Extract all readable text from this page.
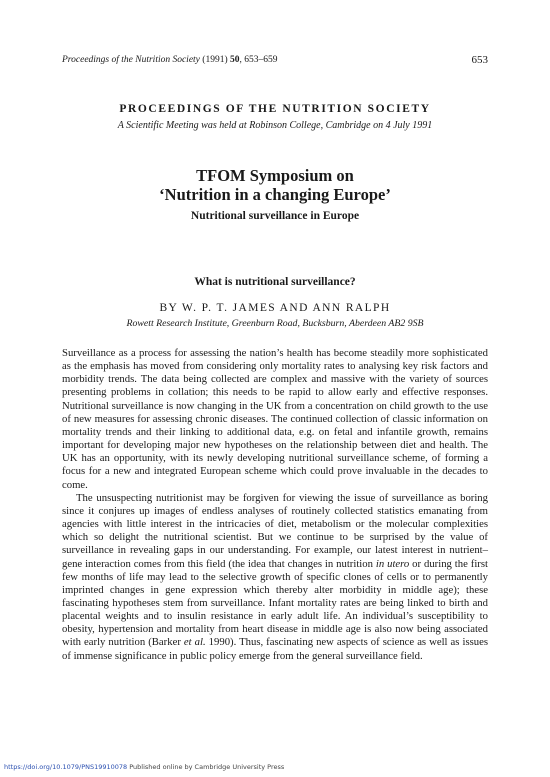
Proceedings of the Nutrition Society (1991) 50, 653–659	653
PROCEEDINGS OF THE NUTRITION SOCIETY
A Scientific Meeting was held at Robinson College, Cambridge on 4 July 1991
TFOM Symposium on
‘Nutrition in a changing Europe’
Nutritional surveillance in Europe
What is nutritional surveillance?
BY W. P. T. JAMES AND ANN RALPH
Rowett Research Institute, Greenburn Road, Bucksburn, Aberdeen AB2 9SB

Surveillance as a process for assessing the nation’s health has become steadily more sophisticated as the emphasis has moved from considering only mortality rates to analysing key risk factors and morbidity trends. The data being collected are complex and massive with the variety of sources presenting problems in collation; this needs to be rapid to allow early and effective responses. Nutritional surveillance is now changing in the UK from a concentration on child growth to the use of new measures for assessing chronic diseases. The continued collection of classic information on mortality trends and their linking to additional data, e.g. on fetal and infantile growth, remains important for developing major new hypotheses on the relationship between diet and health. The UK has an opportunity, with its newly developing nutritional surveillance scheme, of forming a focus for a new and integrated European scheme which could prove invaluable in the decades to come.

The unsuspecting nutritionist may be forgiven for viewing the issue of surveillance as boring since it conjures up images of endless analyses of routinely collected statistics emanating from agencies with little interest in the intricacies of diet, metabolism or the molecular complexities which so delight the nutritional scientist. But we continue to be surprised by the value of surveillance in revealing gaps in our understanding. For example, our latest interest in nutrient–gene interaction comes from this field (the idea that changes in nutrition in utero or during the first few months of life may lead to the selective growth of specific clones of cells or to permanently imprinted changes in gene expression which thereby alter morbidity in middle age); these fascinating hypotheses stem from surveillance. Infant mortality rates are being linked to birth and placental weights and to insulin resistance in early adult life. An individual’s susceptibility to obesity, hypertension and mortality from heart disease in middle age is also now being associated with early nutrition (Barker et al. 1990). Thus, fascinating new aspects of science as well as issues of immense significance in public policy emerge from the general surveillance field.

https://doi.org/10.1079/PNS19910078 Published online by Cambridge University Press
